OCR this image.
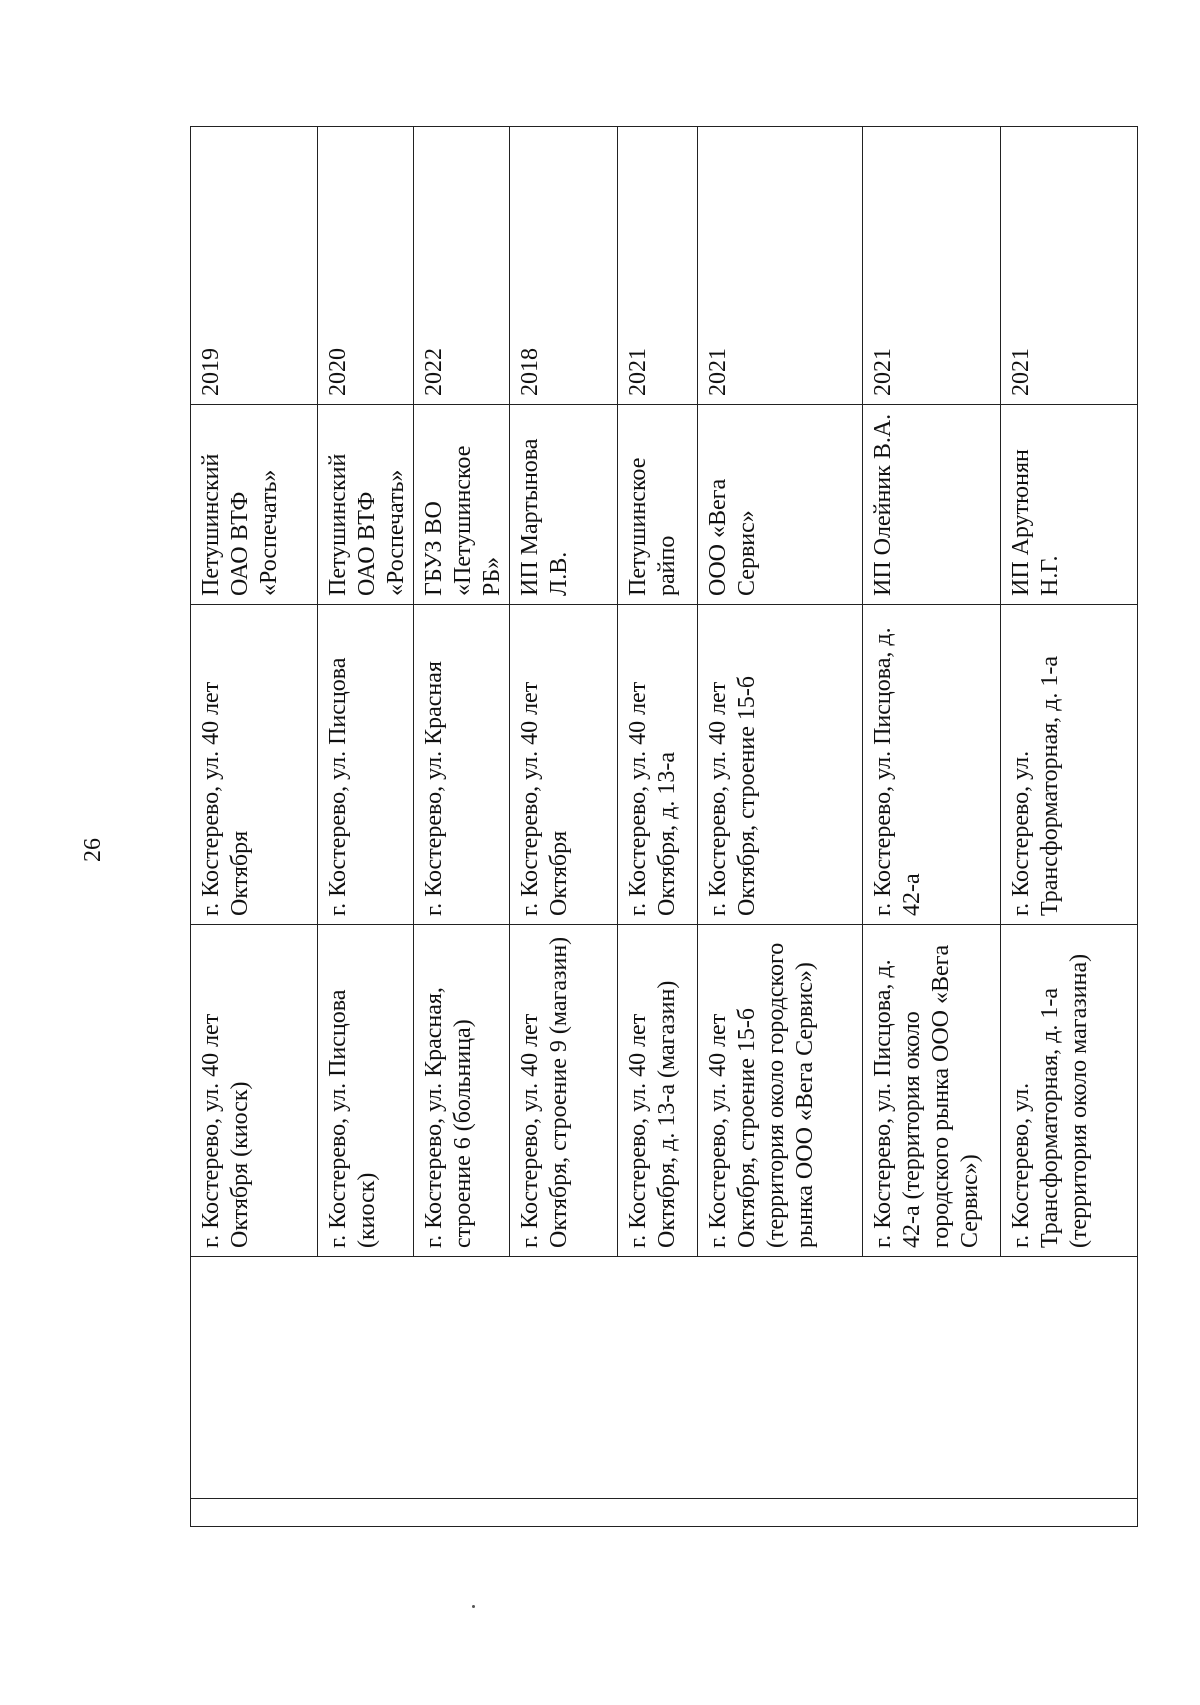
26
		г. Костерево, ул. 40 лет Октября (киоск)	г. Костерево, ул. 40 лет Октября	Петушинский ОАО ВТФ «Роспечать»	2019
		г. Костерево, ул. Писцова (киоск)	г. Костерево, ул. Писцова	Петушинский ОАО ВТФ «Роспечать»	2020
		г. Костерево, ул. Красная, строение 6 (больница)	г. Костерево, ул. Красная	ГБУЗ ВО «Петушинское РБ»	2022
		г. Костерево, ул. 40 лет Октября, строение 9 (магазин)	г. Костерево, ул. 40 лет Октября	ИП Мартынова Л.В.	2018
		г. Костерево, ул. 40 лет Октября, д. 13-а (магазин)	г. Костерево, ул. 40 лет Октября, д. 13-а	Петушинское райпо	2021
		г. Костерево, ул. 40 лет Октября, строение 15-б (территория около городского рынка ООО «Вега Сервис»)	г. Костерево, ул. 40 лет Октября, строение 15-б	ООО «Вега Сервис»	2021
		г. Костерево, ул. Писцова, д. 42-а (территория около городского рынка ООО «Вега Сервис»)	г. Костерево, ул. Писцова, д. 42-а	ИП Олейник В.А.	2021
		г. Костерево, ул. Трансформаторная, д. 1-а (территория около магазина)	г. Костерево, ул. Трансформаторная, д. 1-а	ИП Арутюнян Н.Г.	2021
